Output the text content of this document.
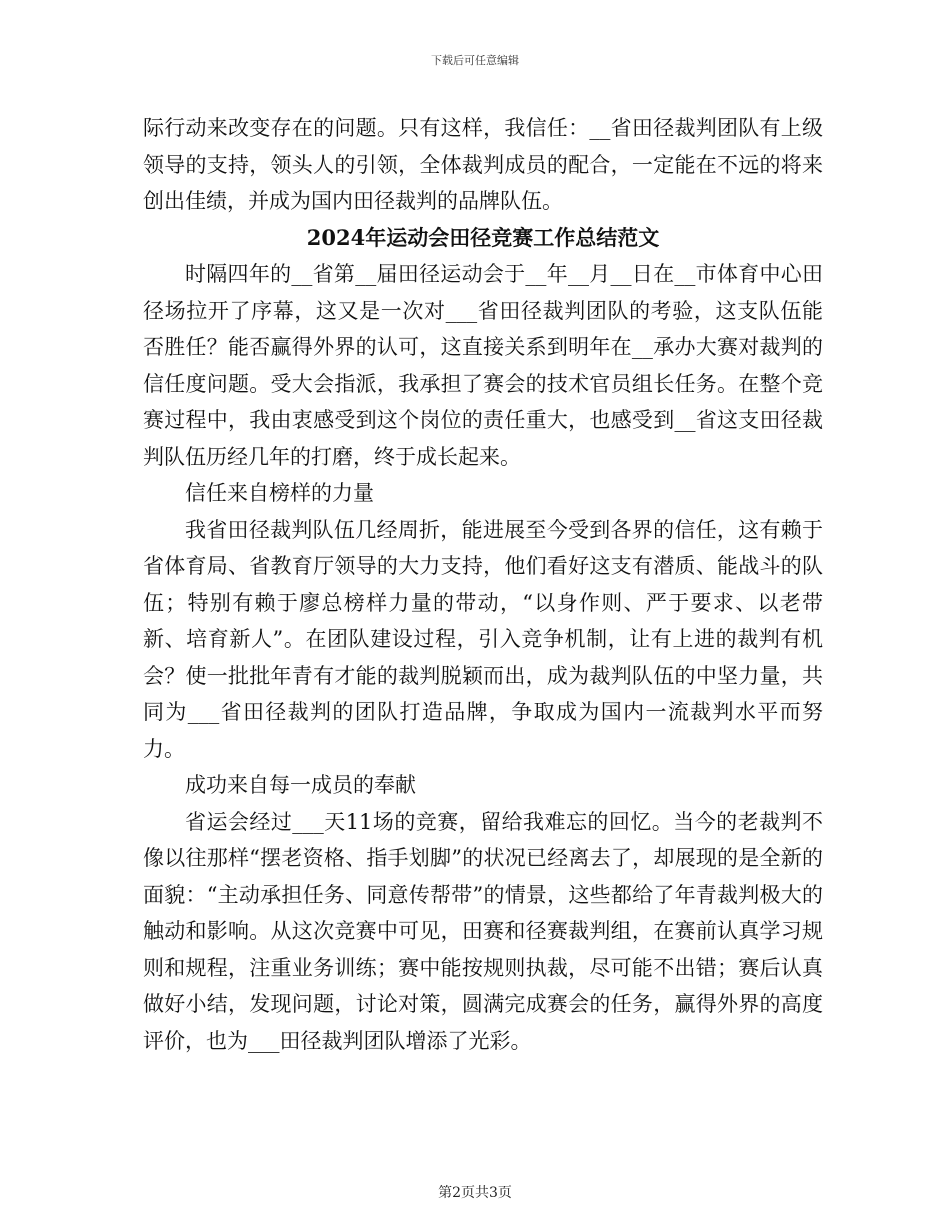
下载后可任意编辑

际行动来改变存在的问题。只有这样，我信任：__省田径裁判团队有上级领导的支持，领头人的引领，全体裁判成员的配合，一定能在不远的将来创出佳绩，并成为国内田径裁判的品牌队伍。

2024年运动会田径竞赛工作总结范文

时隔四年的__省第__届田径运动会于__年__月__日在__市体育中心田径场拉开了序幕，这又是一次对___省田径裁判团队的考验，这支队伍能否胜任？能否赢得外界的认可，这直接关系到明年在__承办大赛对裁判的信任度问题。受大会指派，我承担了赛会的技术官员组长任务。在整个竞赛过程中，我由衷感受到这个岗位的责任重大，也感受到__省这支田径裁判队伍历经几年的打磨，终于成长起来。

信任来自榜样的力量

我省田径裁判队伍几经周折，能进展至今受到各界的信任，这有赖于省体育局、省教育厅领导的大力支持，他们看好这支有潜质、能战斗的队伍；特别有赖于廖总榜样力量的带动，“以身作则、严于要求、以老带新、培育新人”。在团队建设过程，引入竞争机制，让有上进的裁判有机会？使一批批年青有才能的裁判脱颖而出，成为裁判队伍的中坚力量，共同为___省田径裁判的团队打造品牌，争取成为国内一流裁判水平而努力。

成功来自每一成员的奉献

省运会经过___天11场的竞赛，留给我难忘的回忆。当今的老裁判不像以往那样“摆老资格、指手划脚”的状况已经离去了，却展现的是全新的面貌：“主动承担任务、同意传帮带”的情景，这些都给了年青裁判极大的触动和影响。从这次竞赛中可见，田赛和径赛裁判组，在赛前认真学习规则和规程，注重业务训练；赛中能按规则执裁，尽可能不出错；赛后认真做好小结，发现问题，讨论对策，圆满完成赛会的任务，赢得外界的高度评价，也为___田径裁判团队增添了光彩。

第2页共3页
